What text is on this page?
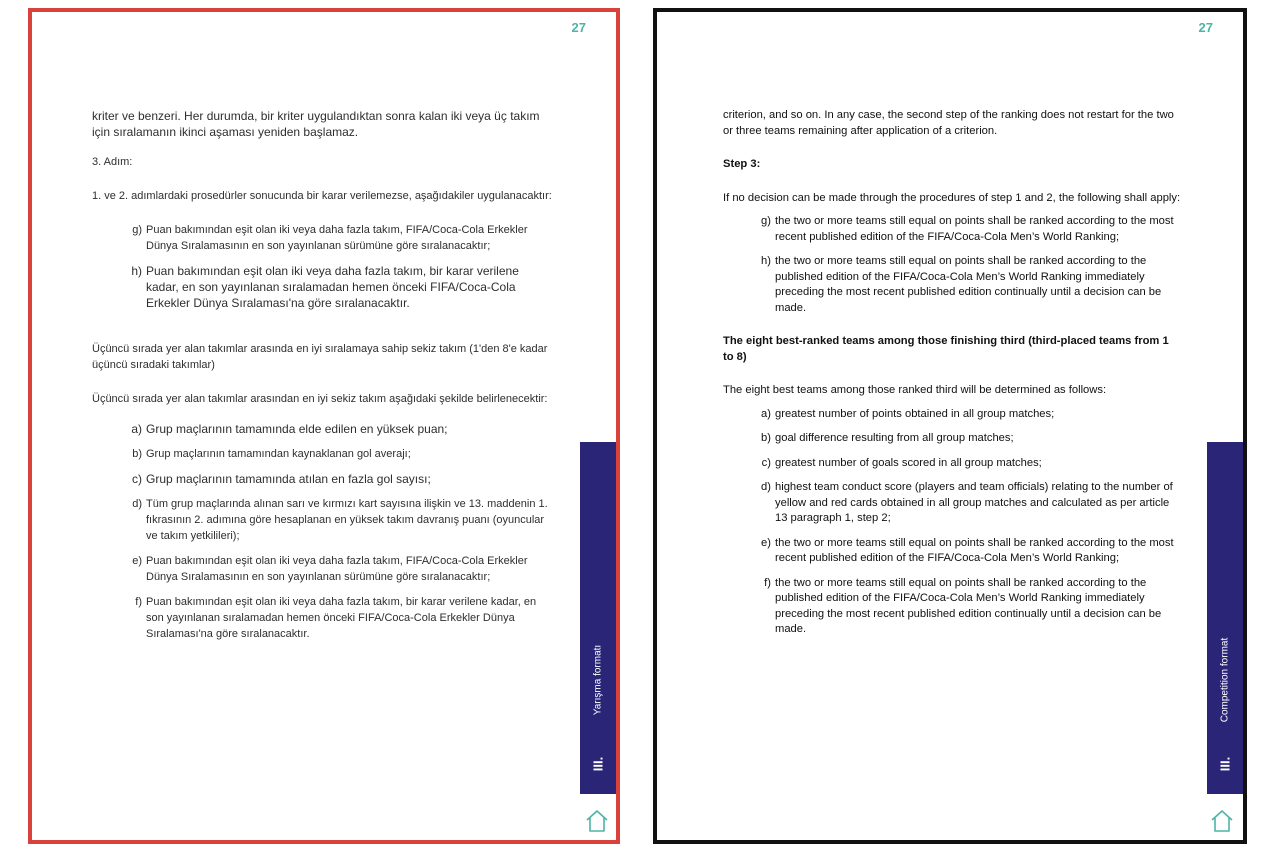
27

kriter ve benzeri. Her durumda, bir kriter uygulandıktan sonra kalan iki veya üç takım için sıralamanın ikinci aşaması yeniden başlamaz.

3. Adım:

1. ve 2. adımlardaki prosedürler sonucunda bir karar verilemezse, aşağıdakiler uygulanacaktır:

g) Puan bakımından eşit olan iki veya daha fazla takım, FIFA/Coca-Cola Erkekler Dünya Sıralamasının en son yayınlanan sürümüne göre sıralanacaktır;
h) Puan bakımından eşit olan iki veya daha fazla takım, bir karar verilene kadar, en son yayınlanan sıralamadan hemen önceki FIFA/Coca-Cola Erkekler Dünya Sıralaması'na göre sıralanacaktır.

Üçüncü sırada yer alan takımlar arasında en iyi sıralamaya sahip sekiz takım (1'den 8'e kadar üçüncü sıradaki takımlar)

Üçüncü sırada yer alan takımlar arasından en iyi sekiz takım aşağıdaki şekilde belirlenecektir:

a) Grup maçlarının tamamında elde edilen en yüksek puan;
b) Grup maçlarının tamamından kaynaklanan gol averajı;
c) Grup maçlarının tamamında atılan en fazla gol sayısı;
d) Tüm grup maçlarında alınan sarı ve kırmızı kart sayısına ilişkin ve 13. maddenin 1. fıkrasının 2. adımına göre hesaplanan en yüksek takım davranış puanı (oyuncular ve takım yetkilileri);
e) Puan bakımından eşit olan iki veya daha fazla takım, FIFA/Coca-Cola Erkekler Dünya Sıralamasının en son yayınlanan sürümüne göre sıralanacaktır;
f) Puan bakımından eşit olan iki veya daha fazla takım, bir karar verilene kadar, en son yayınlanan sıralamadan hemen önceki FIFA/Coca-Cola Erkekler Dünya Sıralaması'na göre sıralanacaktır.
Yarışma formatı
III.

27

criterion, and so on. In any case, the second step of the ranking does not restart for the two or three teams remaining after application of a criterion.

Step 3:

If no decision can be made through the procedures of step 1 and 2, the following shall apply:

g) the two or more teams still equal on points shall be ranked according to the most recent published edition of the FIFA/Coca-Cola Men’s World Ranking;
h) the two or more teams still equal on points shall be ranked according to the published edition of the FIFA/Coca-Cola Men’s World Ranking immediately preceding the most recent published edition continually until a decision can be made.

The eight best-ranked teams among those finishing third (third-placed teams from 1 to 8)

The eight best teams among those ranked third will be determined as follows:

a) greatest number of points obtained in all group matches;
b) goal difference resulting from all group matches;
c) greatest number of goals scored in all group matches;
d) highest team conduct score (players and team officials) relating to the number of yellow and red cards obtained in all group matches and calculated as per article 13 paragraph 1, step 2;
e) the two or more teams still equal on points shall be ranked according to the most recent published edition of the FIFA/Coca-Cola Men’s World Ranking;
f) the two or more teams still equal on points shall be ranked according to the published edition of the FIFA/Coca-Cola Men’s World Ranking immediately preceding the most recent published edition continually until a decision can be made.
Competition format
III.
